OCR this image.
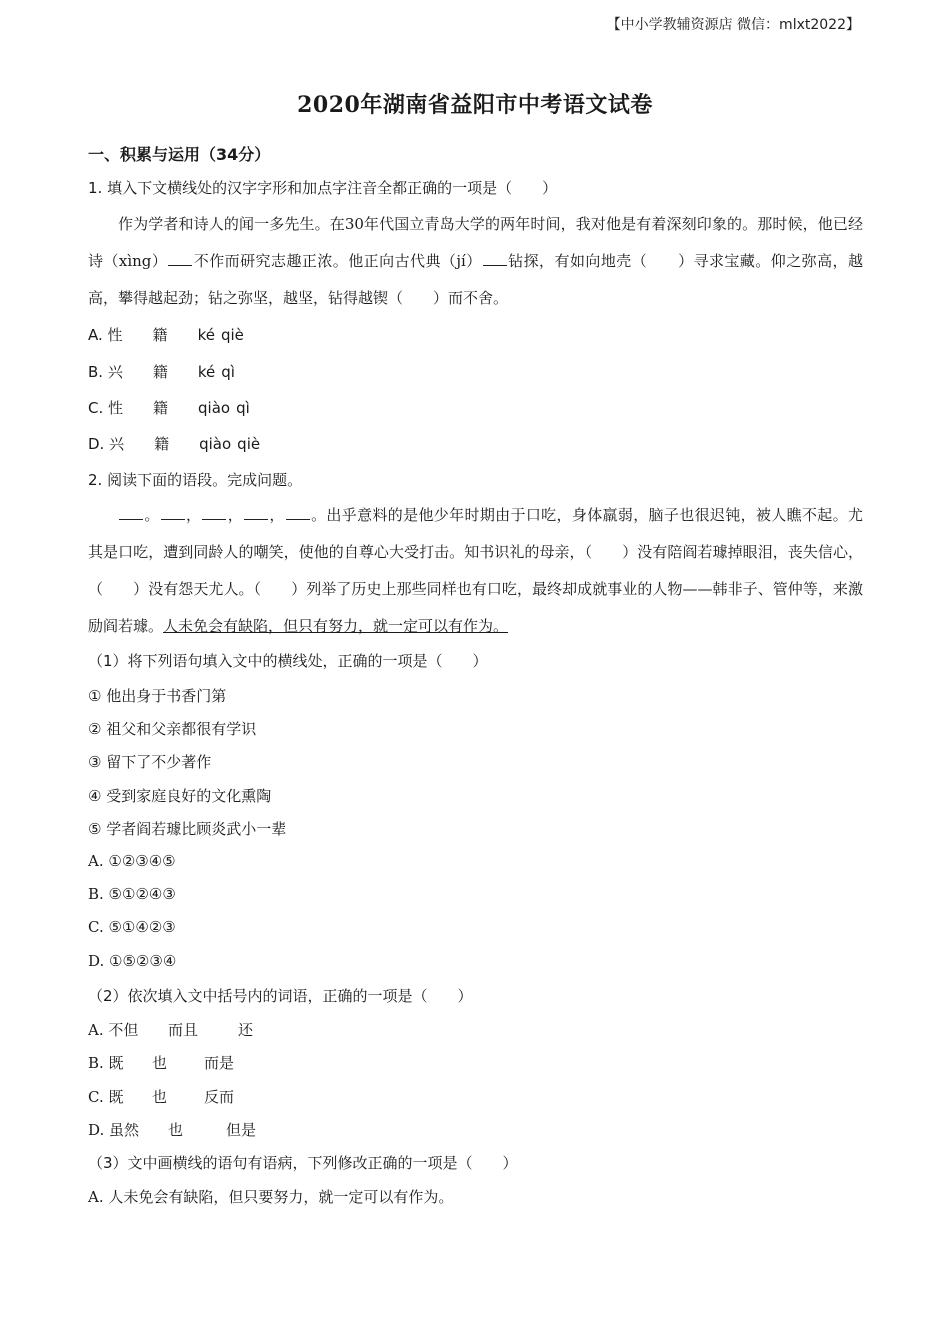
【中小学教辅资源店 微信：mlxt2022】
2020年湖南省益阳市中考语文试卷
一、积累与运用（34分）
1. 填入下文横线处的汉字字形和加点字注音全都正确的一项是（　　）
作为学者和诗人的闻一多先生。在30年代国立青岛大学的两年时间，我对他是有着深刻印象的。那时候，他已经诗（xìng） 不作而研究志趣正浓。他正向古代典（jí） 钻探，有如向地壳（　　）寻求宝藏。仰之弥高，越高，攀得越起劲；钻之弥坚，越坚，钻得越锲（　　）而不舍。
A. 性 籍 ké qiè
B. 兴 籍 ké qì
C. 性 籍 qiào qì
D. 兴 籍 qiào qiè
2. 阅读下面的语段。完成问题。
。 ， ， ， 。出乎意料的是他少年时期由于口吃，身体羸弱，脑子也很迟钝，被人瞧不起。尤其是口吃，遭到同龄人的嘲笑，使他的自尊心大受打击。知书识礼的母亲，（　　）没有陪阎若璩掉眼泪，丧失信心，（　　）没有怨天尤人。（　　）列举了历史上那些同样也有口吃，最终却成就事业的人物——韩非子、管仲等，来激励阎若璩。人未免会有缺陷，但只有努力，就一定可以有作为。
（1）将下列语句填入文中的横线处，正确的一项是（　　）
① 他出身于书香门第
② 祖父和父亲都很有学识
③ 留下了不少著作
④ 受到家庭良好的文化熏陶
⑤ 学者阎若璩比顾炎武小一辈
A. ①②③④⑤
B. ⑤①②④③
C. ⑤①④②③
D. ①⑤②③④
（2）依次填入文中括号内的词语，正确的一项是（　　）
A. 不但 而且	还
B. 既 也 而是
C. 既 也 反而
D. 虽然 也	但是
（3）文中画横线的语句有语病，下列修改正确的一项是（　　）
A. 人未免会有缺陷，但只要努力，就一定可以有作为。
